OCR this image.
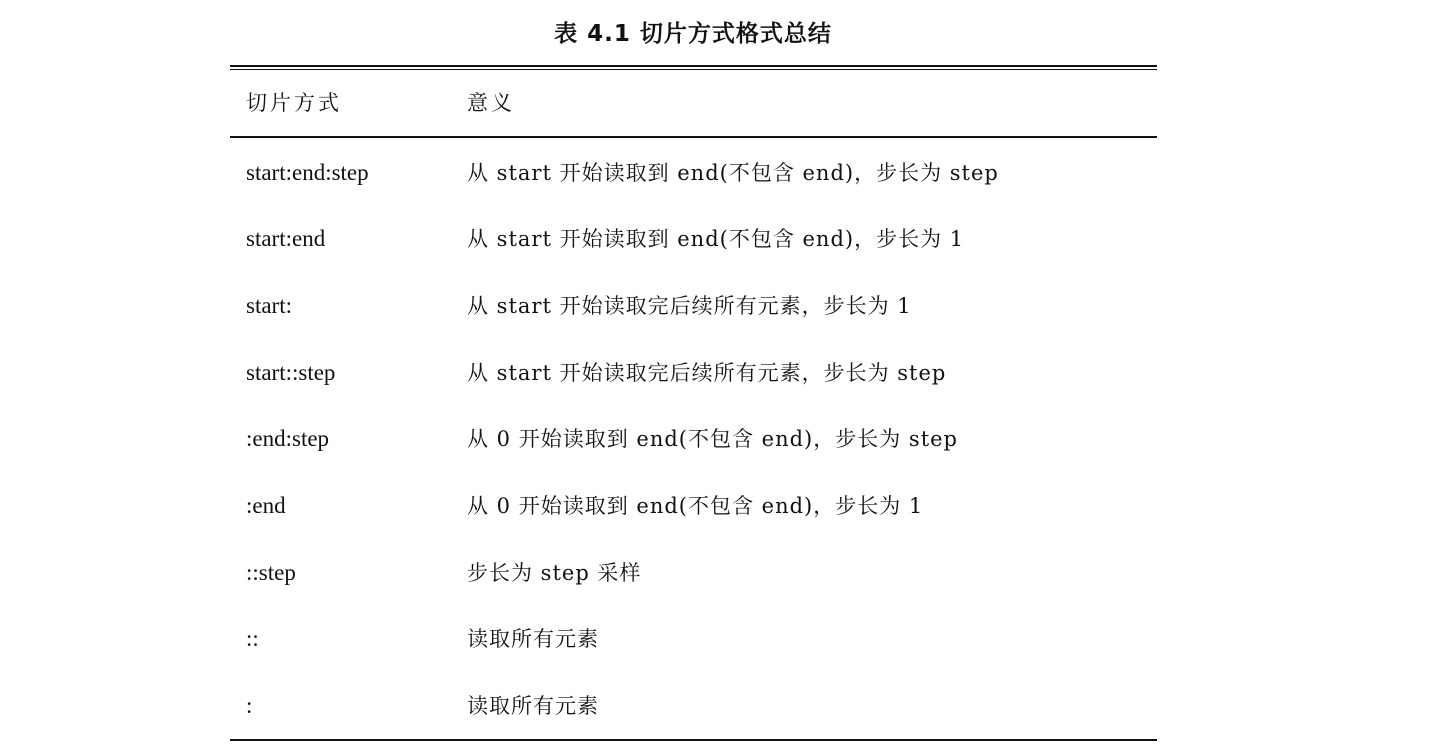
表 4.1 切片方式格式总结
切片方式	意义
start:end:step	从 start 开始读取到 end(不包含 end)，步长为 step
start:end	从 start 开始读取到 end(不包含 end)，步长为 1
start:	从 start 开始读取完后续所有元素，步长为 1
start::step	从 start 开始读取完后续所有元素，步长为 step
:end:step	从 0 开始读取到 end(不包含 end)，步长为 step
:end	从 0 开始读取到 end(不包含 end)，步长为 1
::step	步长为 step 采样
::	读取所有元素
:	读取所有元素
